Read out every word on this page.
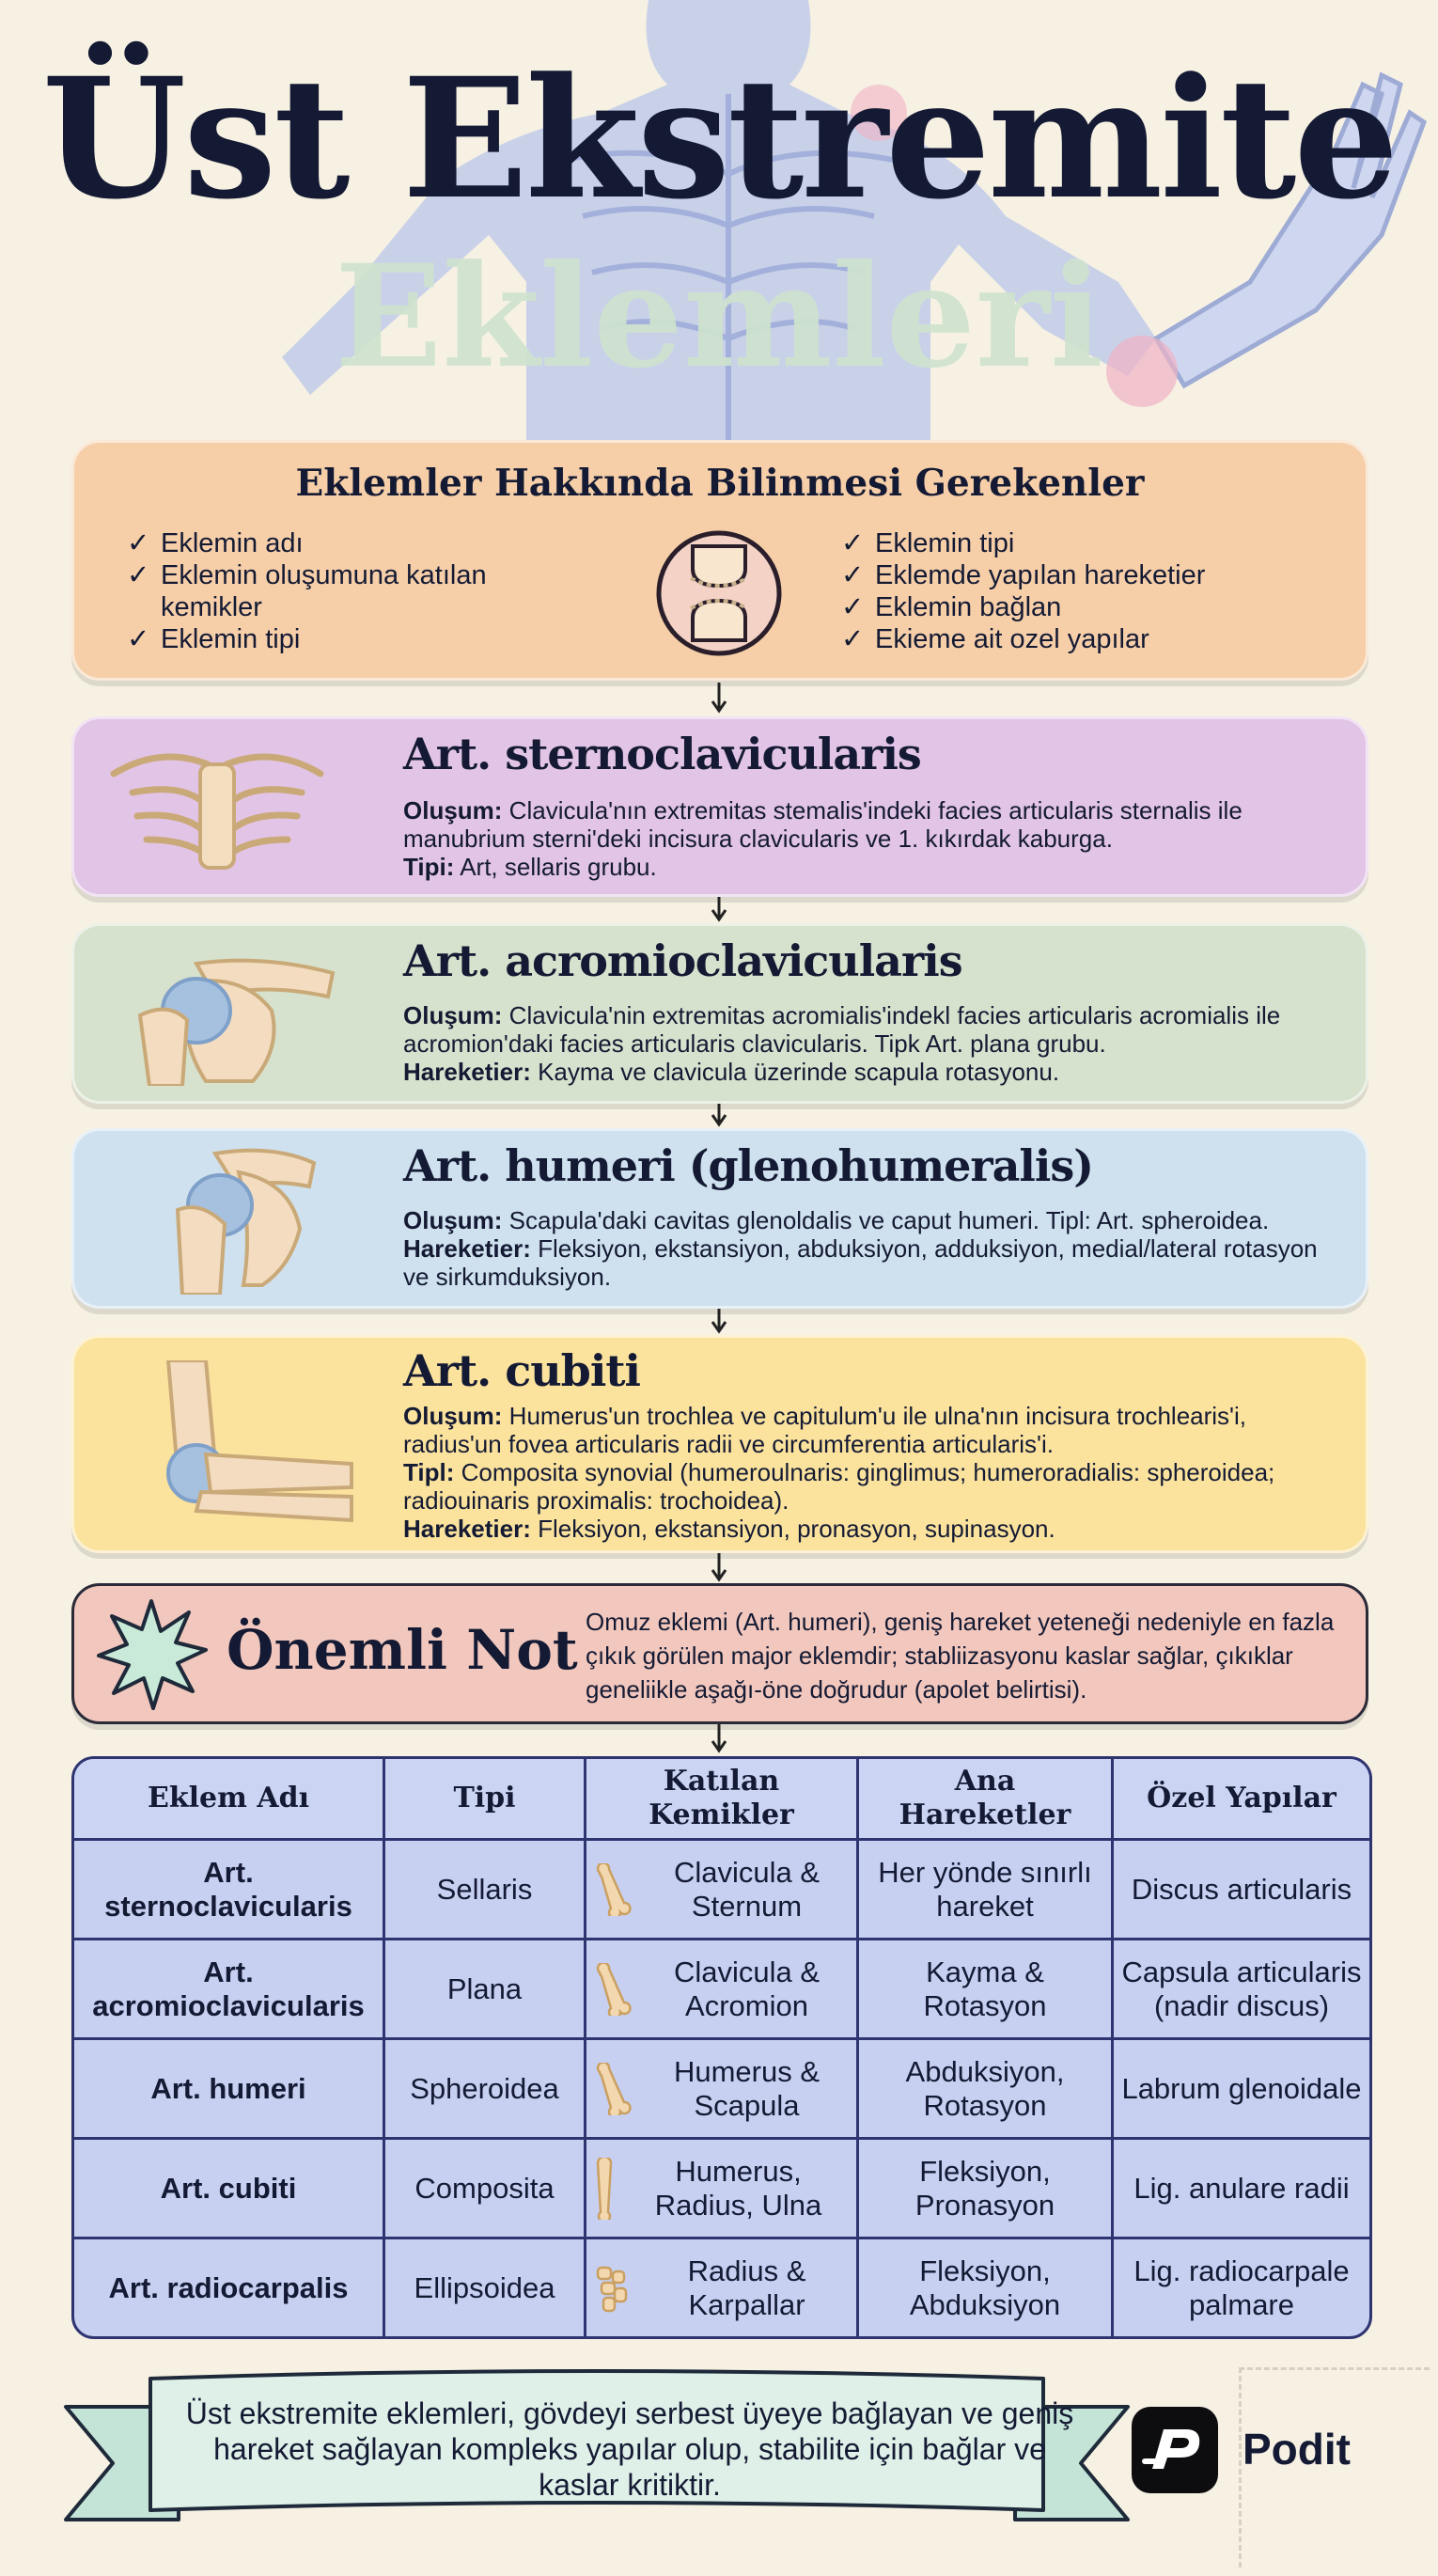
Üst Ekstremite
Eklemleri
Eklemler Hakkında Bilinmesi Gerekenler
✓ Eklemin adı
✓ Eklemin oluşumuna katılan kemikler
✓ Eklemin tipi
✓ Eklemin tipi
✓ Eklemde yapılan hareketier
✓ Eklemin bağlan
✓ Ekieme ait ozel yapılar
Art. sternoclavicularis
Oluşum: Clavicula'nın extremitas stemalis'indeki facies articularis sternalis ile manubrium sterni'deki incisura clavicularis ve 1. kıkırdak kaburga.
Tipi: Art, sellaris grubu.
Art. acromioclavicularis
Oluşum: Clavicula'nin extremitas acromialis'indekl facies articularis acromialis ile acromion'daki facies articularis clavicularis. Tipk Art. plana grubu.
Hareketier: Kayma ve clavicula üzerinde scapula rotasyonu.
Art. humeri (glenohumeralis)
Oluşum: Scapula'daki cavitas glenoldalis ve caput humeri. Tipl: Art. spheroidea.
Hareketier: Fleksiyon, ekstansiyon, abduksiyon, adduksiyon, medial/lateral rotasyon ve sirkumduksiyon.
Art. cubiti
Oluşum: Humerus'un trochlea ve capitulum'u ile ulna'nın incisura trochlearis'i, radius'un fovea articularis radii ve circumferentia articularis'i.
Tipl: Composita synovial (humeroulnaris: ginglimus; humeroradialis: spheroidea; radiouinaris proximalis: trochoidea).
Hareketier: Fleksiyon, ekstansiyon, pronasyon, supinasyon.
Önemli Not Omuz eklemi (Art. humeri), geniş hareket yeteneği nedeniyle en fazla çıkık görülen major eklemdir; stabliizasyonu kaslar sağlar, çıkıklar geneliikle aşağı-öne doğrudur (apolet belirtisi).
Eklem Adı	Tipi	Katılan Kemikler	Ana Hareketler	Özel Yapılar
Art. sternoclavicularis	Sellaris	Clavicula & Sternum	Her yönde sınırlı hareket	Discus articularis
Art. acromioclavicularis	Plana	Clavicula & Acromion	Kayma & Rotasyon	Capsula articularis (nadir discus)
Art. humeri	Spheroidea	Humerus & Scapula	Abduksiyon, Rotasyon	Labrum glenoidale
Art. cubiti	Composita	Humerus, Radius, Ulna	Fleksiyon, Pronasyon	Lig. anulare radii
Art. radiocarpalis	Ellipsoidea	Radius & Karpallar	Fleksiyon, Abduksiyon	Lig. radiocarpale palmare
Üst ekstremite eklemleri, gövdeyi serbest üyeye bağlayan ve geniş hareket sağlayan kompleks yapılar olup, stabilite için bağlar ve kaslar kritiktir.
Podit
